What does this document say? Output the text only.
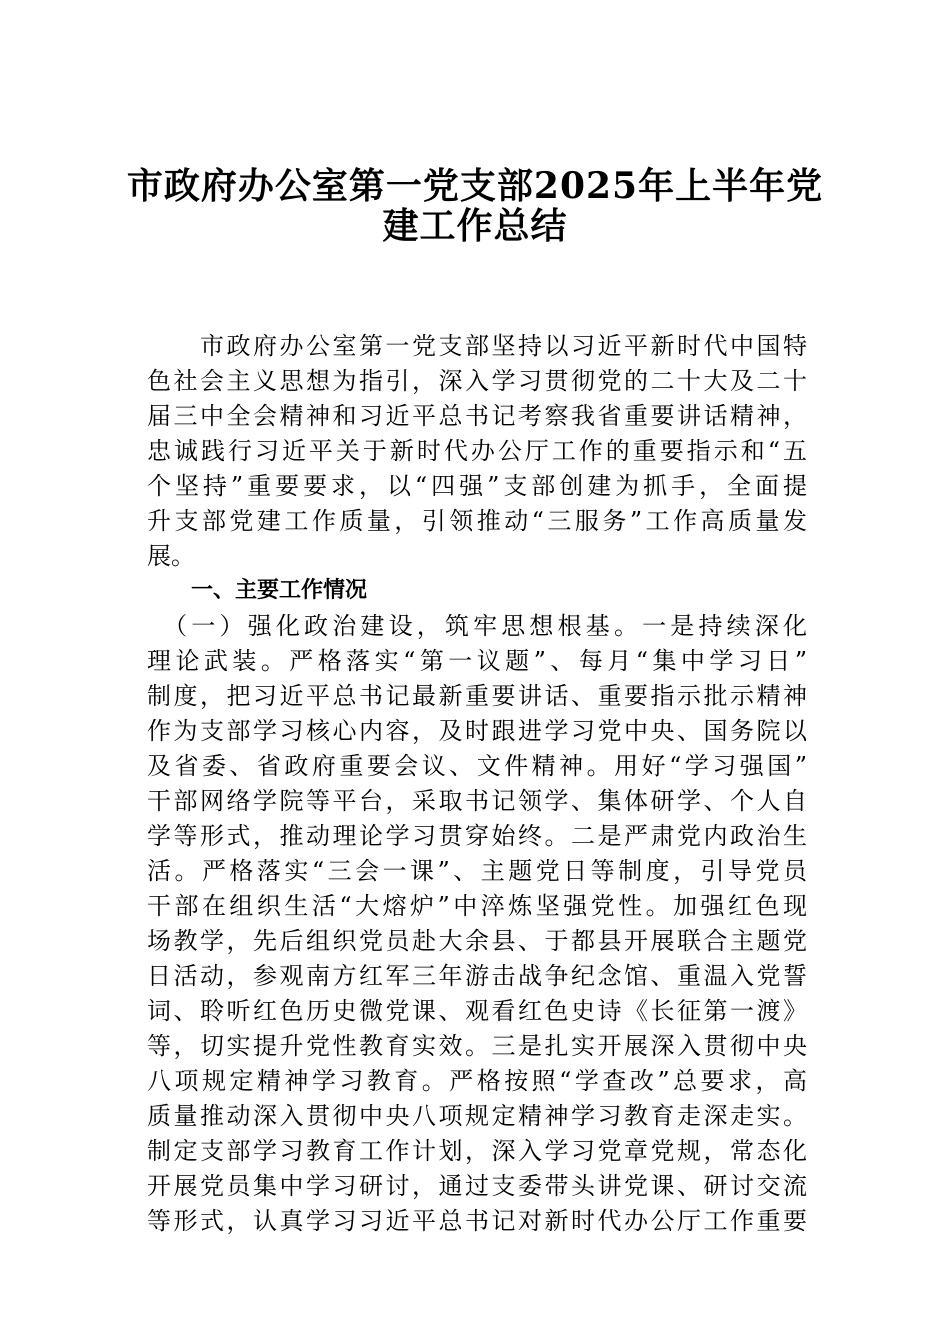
市政府办公室第一党支部2025年上半年党
建工作总结
　　市政府办公室第一党支部坚持以习近平新时代中国特
色社会主义思想为指引，深入学习贯彻党的二十大及二十
届三中全会精神和习近平总书记考察我省重要讲话精神，
忠诚践行习近平关于新时代办公厅工作的重要指示和“五
个坚持”重要要求，以“四强”支部创建为抓手，全面提
升支部党建工作质量，引领推动“三服务”工作高质量发
展。
　　一、主要工作情况
　（一）强化政治建设，筑牢思想根基。一是持续深化
理论武装。严格落实“第一议题”、每月“集中学习日”
制度，把习近平总书记最新重要讲话、重要指示批示精神
作为支部学习核心内容，及时跟进学习党中央、国务院以
及省委、省政府重要会议、文件精神。用好“学习强国”
干部网络学院等平台，采取书记领学、集体研学、个人自
学等形式，推动理论学习贯穿始终。二是严肃党内政治生
活。严格落实“三会一课”、主题党日等制度，引导党员
干部在组织生活“大熔炉”中淬炼坚强党性。加强红色现
场教学，先后组织党员赴大余县、于都县开展联合主题党
日活动，参观南方红军三年游击战争纪念馆、重温入党誓
词、聆听红色历史微党课、观看红色史诗《长征第一渡》
等，切实提升党性教育实效。三是扎实开展深入贯彻中央
八项规定精神学习教育。严格按照“学查改”总要求，高
质量推动深入贯彻中央八项规定精神学习教育走深走实。
制定支部学习教育工作计划，深入学习党章党规，常态化
开展党员集中学习研讨，通过支委带头讲党课、研讨交流
等形式，认真学习习近平总书记对新时代办公厅工作重要
